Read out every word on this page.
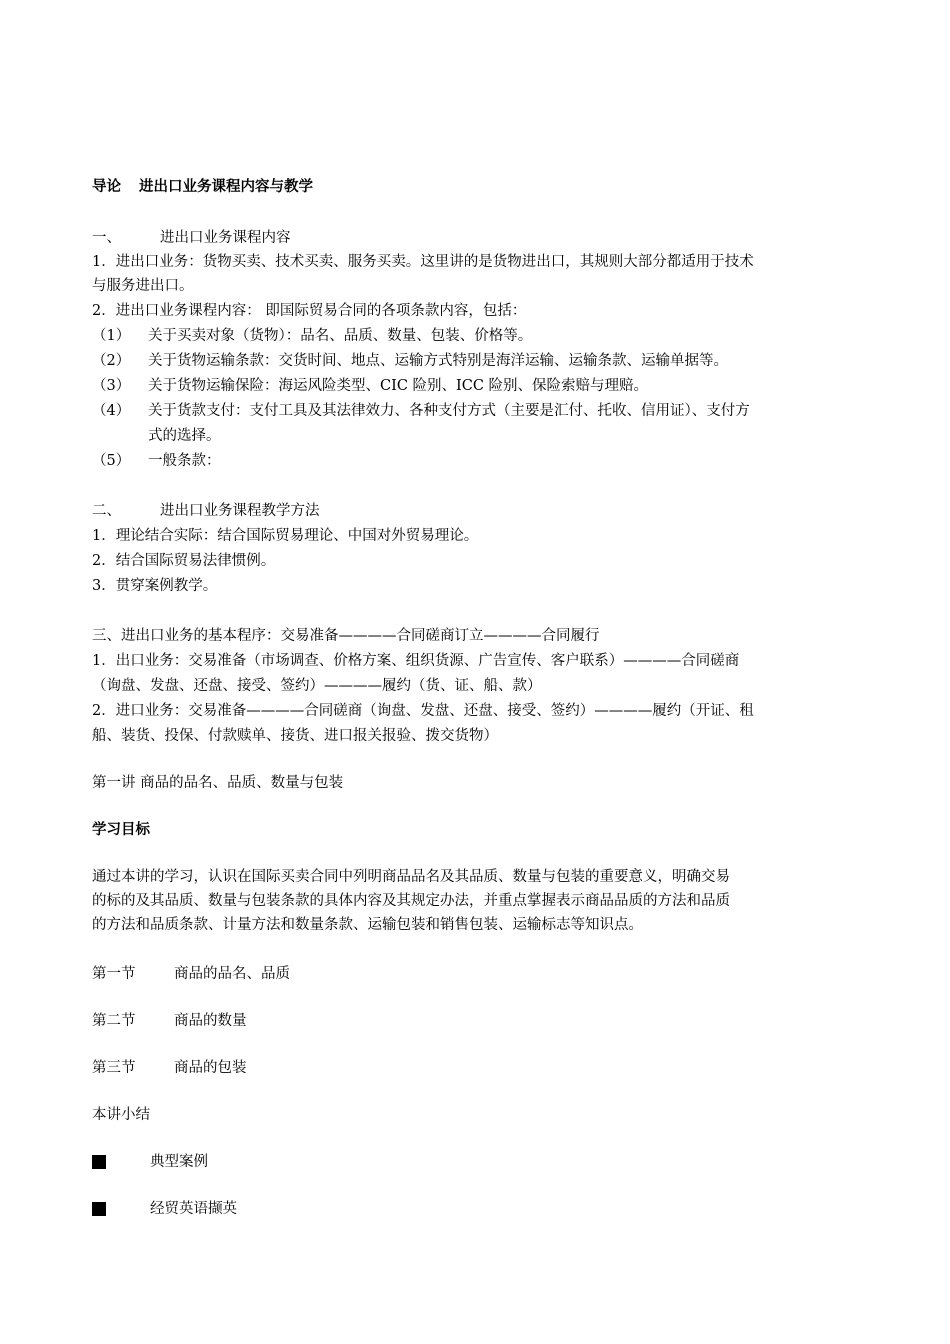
导论 进出口业务课程内容与教学
一、	进出口业务课程内容
1．进出口业务：货物买卖、技术买卖、服务买卖。这里讲的是货物进出口，其规则大部分都适用于技术
与服务进出口。
2．进出口业务课程内容： 即国际贸易合同的各项条款内容，包括：
（1） 关于买卖对象（货物）：品名、品质、数量、包装、价格等。
（2） 关于货物运输条款：交货时间、地点、运输方式特别是海洋运输、运输条款、运输单据等。
（3） 关于货物运输保险：海运风险类型、CIC 险别、ICC 险别、保险索赔与理赔。
（4） 关于货款支付：支付工具及其法律效力、各种支付方式（主要是汇付、托收、信用证）、支付方
式的选择。
（5） 一般条款：
二、	进出口业务课程教学方法
1．理论结合实际：结合国际贸易理论、中国对外贸易理论。
2．结合国际贸易法律惯例。
3．贯穿案例教学。
三、进出口业务的基本程序：交易准备————合同磋商订立————合同履行
1．出口业务：交易准备（市场调查、价格方案、组织货源、广告宣传、客户联系）————合同磋商
（询盘、发盘、还盘、接受、签约）————履约（货、证、船、款）
2．进口业务：交易准备————合同磋商（询盘、发盘、还盘、接受、签约）————履约（开证、租
船、装货、投保、付款赎单、接货、进口报关报验、拨交货物）
第一讲 商品的品名、品质、数量与包装
学习目标
通过本讲的学习，认识在国际买卖合同中列明商品品名及其品质、数量与包装的重要意义，明确交易
的标的及其品质、数量与包装条款的具体内容及其规定办法，并重点掌握表示商品品质的方法和品质
的方法和品质条款、计量方法和数量条款、运输包装和销售包装、运输标志等知识点。
第一节	商品的品名、品质
第二节	商品的数量
第三节	商品的包装
本讲小结
典型案例
经贸英语撷英
